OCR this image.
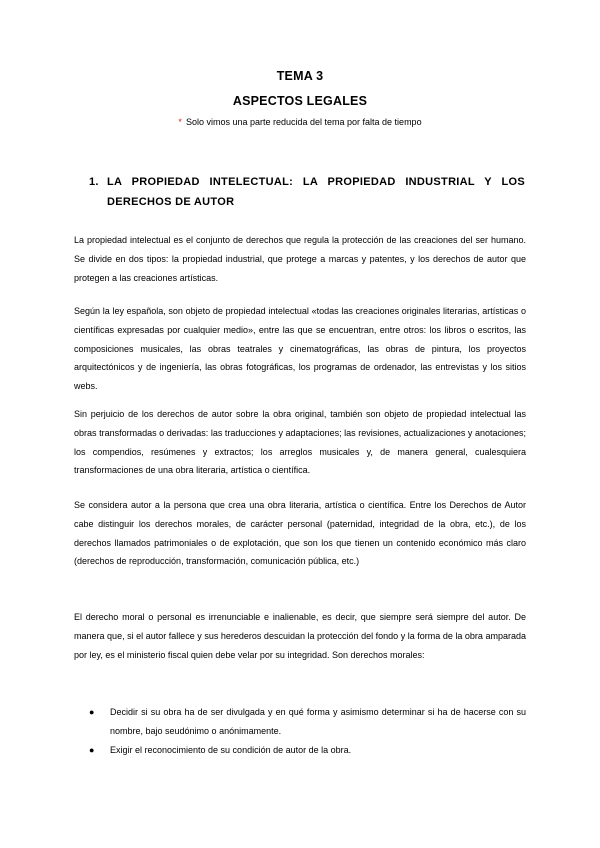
TEMA 3
ASPECTOS LEGALES

* Solo vimos una parte reducida del tema por falta de tiempo

1. LA PROPIEDAD INTELECTUAL: LA PROPIEDAD INDUSTRIAL Y LOS DERECHOS DE AUTOR

La propiedad intelectual es el conjunto de derechos que regula la protección de las creaciones del ser humano. Se divide en dos tipos: la propiedad industrial, que protege a marcas y patentes, y los derechos de autor que protegen a las creaciones artísticas.

Según la ley española, son objeto de propiedad intelectual «todas las creaciones originales literarias, artísticas o científicas expresadas por cualquier medio», entre las que se encuentran, entre otros: los libros o escritos, las composiciones musicales, las obras teatrales y cinematográficas, las obras de pintura, los proyectos arquitectónicos y de ingeniería, las obras fotográficas, los programas de ordenador, las entrevistas y los sitios webs.

Sin perjuicio de los derechos de autor sobre la obra original, también son objeto de propiedad intelectual las obras transformadas o derivadas: las traducciones y adaptaciones; las revisiones, actualizaciones y anotaciones; los compendios, resúmenes y extractos; los arreglos musicales y, de manera general, cualesquiera transformaciones de una obra literaria, artística o científica.

Se considera autor a la persona que crea una obra literaria, artística o científica. Entre los Derechos de Autor cabe distinguir los derechos morales, de carácter personal (paternidad, integridad de la obra, etc.), de los derechos llamados patrimoniales o de explotación, que son los que tienen un contenido económico más claro (derechos de reproducción, transformación, comunicación pública, etc.)

El derecho moral o personal es irrenunciable e inalienable, es decir, que siempre será siempre del autor. De manera que, si el autor fallece y sus herederos descuidan la protección del fondo y la forma de la obra amparada por ley, es el ministerio fiscal quien debe velar por su integridad. Son derechos morales:

● Decidir si su obra ha de ser divulgada y en qué forma y asimismo determinar si ha de hacerse con su nombre, bajo seudónimo o anónimamente.
● Exigir el reconocimiento de su condición de autor de la obra.
